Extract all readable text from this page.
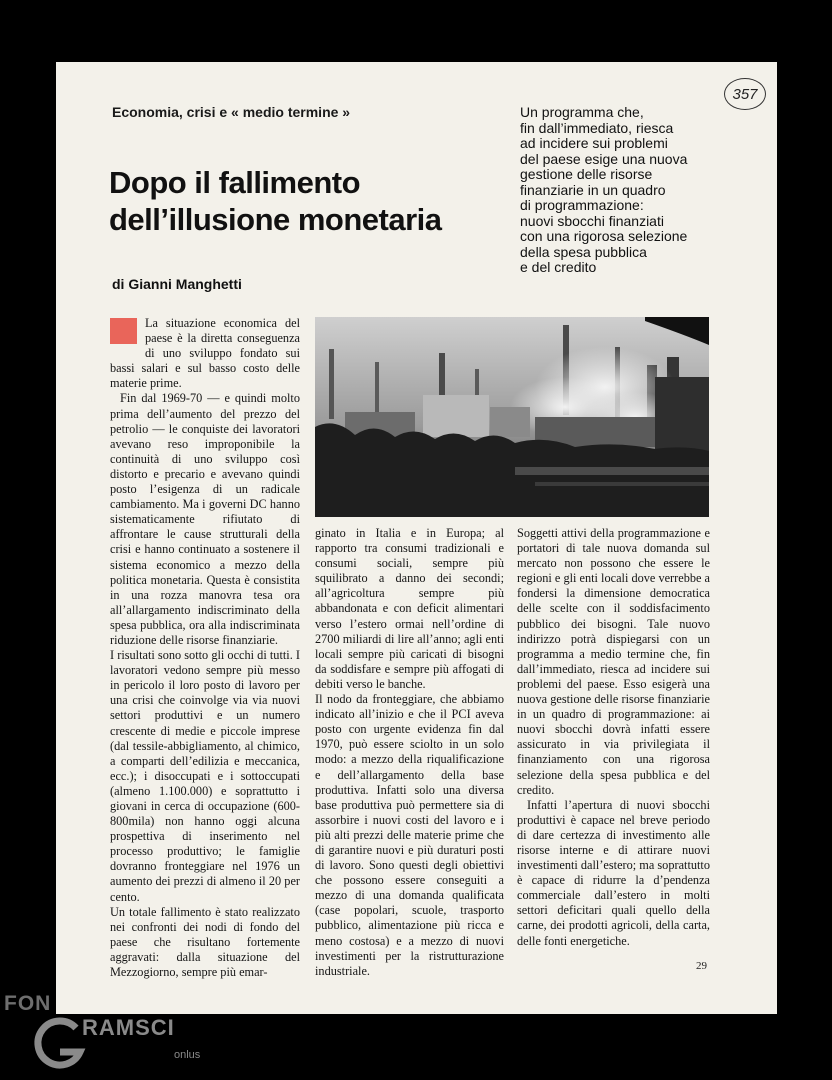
357
Economia, crisi e « medio termine »
Dopo il fallimento
dell’illusione monetaria
Un programma che,
fin dall’immediato, riesca
ad incidere sui problemi
del paese esige una nuova
gestione delle risorse
finanziarie in un quadro
di programmazione:
nuovi sbocchi finanziati
con una rigorosa selezione
della spesa pubblica
e del credito
di Gianni Manghetti

La situazione economica del paese è la diretta conseguenza di uno sviluppo fondato sui bassi salari e sul basso costo delle materie prime.

Fin dal 1969-70 — e quindi molto prima dell’aumento del prezzo del petrolio — le conquiste dei lavoratori avevano reso improponibile la continuità di uno sviluppo così distorto e precario e avevano quindi posto l’esigenza di un radicale cambiamento. Ma i governi DC hanno sistematicamente rifiutato di affrontare le cause strutturali della crisi e hanno continuato a sostenere il sistema economico a mezzo della politica monetaria. Questa è consistita in una rozza manovra tesa ora all’allargamento indiscriminato della spesa pubblica, ora alla indiscriminata riduzione delle risorse finanziarie.

I risultati sono sotto gli occhi di tutti. I lavoratori vedono sempre più messo in pericolo il loro posto di lavoro per una crisi che coinvolge via via nuovi settori produttivi e un numero crescente di medie e piccole imprese (dal tessile-abbigliamento, al chimico, a comparti dell’edilizia e meccanica, ecc.); i disoccupati e i sottoccupati (almeno 1.100.000) e soprattutto i giovani in cerca di occupazione (600-800mila) non hanno oggi alcuna prospettiva di inserimento nel processo produttivo; le famiglie dovranno fronteggiare nel 1976 un aumento dei prezzi di almeno il 20 per cento.

Un totale fallimento è stato realizzato nei confronti dei nodi di fondo del paese che risultano fortemente aggravati: dalla situazione del Mezzogiorno, sempre più emar-

ginato in Italia e in Europa; al rapporto tra consumi tradizionali e consumi sociali, sempre più squilibrato a danno dei secondi; all’agricoltura sempre più abbandonata e con deficit alimentari verso l’estero ormai nell’ordine di 2700 miliardi di lire all’anno; agli enti locali sempre più caricati di bisogni da soddisfare e sempre più affogati di debiti verso le banche.

Il nodo da fronteggiare, che abbiamo indicato all’inizio e che il PCI aveva posto con urgente evidenza fin dal 1970, può essere sciolto in un solo modo: a mezzo della riqualificazione e dell’allargamento della base produttiva. Infatti solo una diversa base produttiva può permettere sia di assorbire i nuovi costi del lavoro e i più alti prezzi delle materie prime che di garantire nuovi e più duraturi posti di lavoro. Sono questi degli obiettivi che possono essere conseguiti a mezzo di una domanda qualificata (case popolari, scuole, trasporto pubblico, alimentazione più ricca e meno costosa) e a mezzo di nuovi investimenti per la ristrutturazione industriale.

Soggetti attivi della programmazione e portatori di tale nuova domanda sul mercato non possono che essere le regioni e gli enti locali dove verrebbe a fondersi la dimensione democratica delle scelte con il soddisfacimento pubblico dei bisogni. Tale nuovo indirizzo potrà dispiegarsi con un programma a medio termine che, fin dall’immediato, riesca ad incidere sui problemi del paese. Esso esigerà una nuova gestione delle risorse finanziarie in un quadro di programmazione: ai nuovi sbocchi dovrà infatti essere assicurato in via privilegiata il finanziamento con una rigorosa selezione della spesa pubblica e del credito.

Infatti l’apertura di nuovi sbocchi produttivi è capace nel breve periodo di dare certezza di investimento alle risorse interne e di attirare nuovi investimenti dall’estero; ma soprattutto è capace di ridurre la d’pendenza commerciale dall’estero in molti settori deficitari quali quello della carne, dei prodotti agricoli, della carta, delle fonti energetiche.

29
FON
RAMSCI
onlus
